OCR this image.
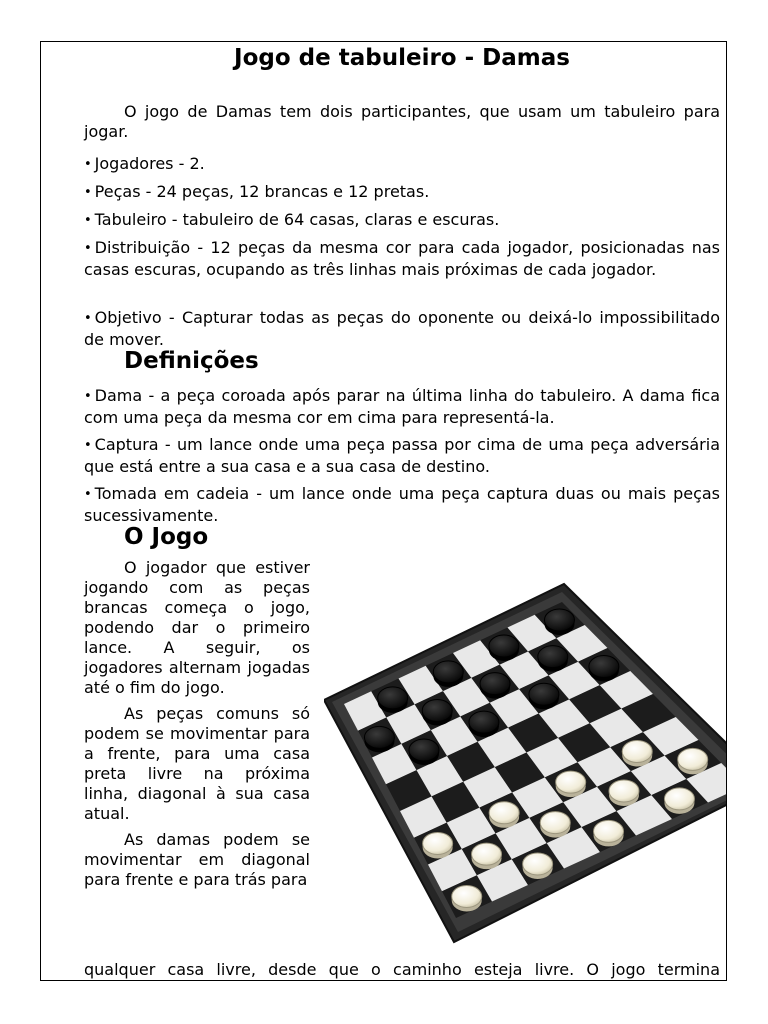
Jogo de tabuleiro - Damas

O jogo de Damas tem dois participantes, que usam um tabuleiro para jogar.

• Jogadores - 2.

• Peças - 24 peças, 12 brancas e 12 pretas.

• Tabuleiro - tabuleiro de 64 casas, claras e escuras.

• Distribuição - 12 peças da mesma cor para cada jogador, posicionadas nas casas escuras, ocupando as três linhas mais próximas de cada jogador.

• Objetivo - Capturar todas as peças do oponente ou deixá-lo impossibilitado de mover.

Definições

• Dama - a peça coroada após parar na última linha do tabuleiro. A dama fica com uma peça da mesma cor em cima para representá-la.

• Captura - um lance onde uma peça passa por cima de uma peça adversária que está entre a sua casa e a sua casa de destino.

• Tomada em cadeia - um lance onde uma peça captura duas ou mais peças sucessivamente.

O Jogo

O jogador que estiver jogando com as peças brancas começa o jogo, podendo dar o primeiro lance. A seguir, os jogadores alternam jogadas até o fim do jogo.

As peças comuns só podem se movimentar para a frente, para uma casa preta livre na próxima linha, diagonal à sua casa atual.

As damas podem se movimentar em diagonal para frente e para trás para

qualquer casa livre, desde que o caminho esteja livre. O jogo termina
